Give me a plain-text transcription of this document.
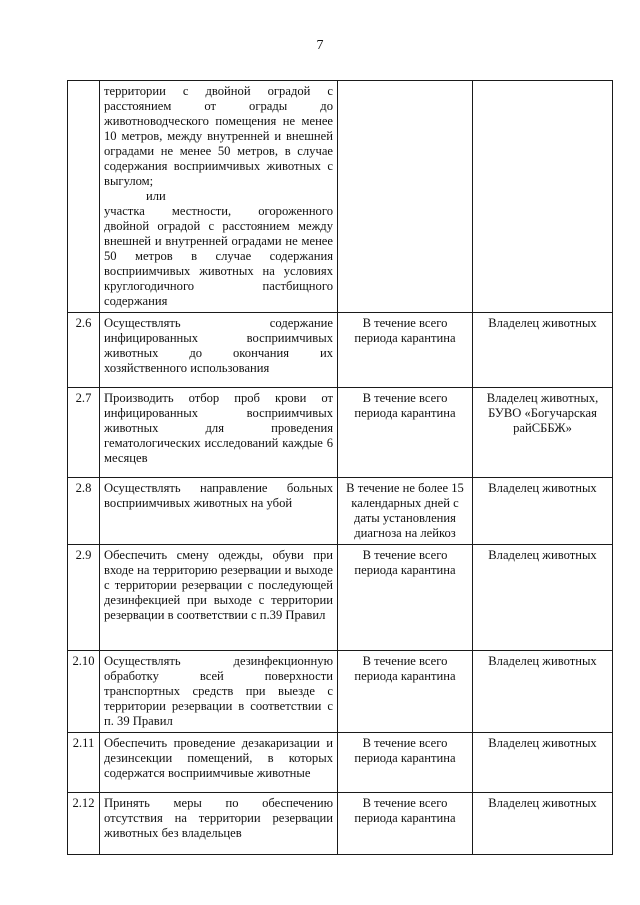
7

	территории с двойной оградой с расстоянием от ограды до животноводческого помещения не менее 10 метров, между внутренней и внешней оградами не менее 50 метров, в случае содержания восприимчивых животных с выгулом;
или
участка местности, огороженного двойной оградой с расстоянием между внешней и внутренней оградами не менее 50 метров в случае содержания восприимчивых животных на условиях круглогодичного пастбищного содержания		

2.6	Осуществлять содержание инфицированных восприимчивых животных до окончания их хозяйственного использования	В течение всего периода карантина	Владелец животных
2.7	Производить отбор проб крови от инфицированных восприимчивых животных для проведения гематологических исследований каждые 6 месяцев	В течение всего периода карантина	Владелец животных, БУВО «Богучарская райСББЖ»
2.8	Осуществлять направление больных восприимчивых животных на убой	В течение не более 15 календарных дней с даты установления диагноза на лейкоз	Владелец животных
2.9	Обеспечить смену одежды, обуви при входе на территорию резервации и выходе с территории резервации с последующей дезинфекцией при выходе с территории резервации в соответствии с п.39 Правил	В течение всего периода карантина	Владелец животных
2.10	Осуществлять дезинфекционную обработку всей поверхности транспортных средств при выезде с территории резервации в соответствии с п. 39 Правил	В течение всего периода карантина	Владелец животных
2.11	Обеспечить проведение дезакаризации и дезинсекции помещений, в которых содержатся восприимчивые животные	В течение всего периода карантина	Владелец животных
2.12	Принять меры по обеспечению отсутствия на территории резервации животных без владельцев	В течение всего периода карантина	Владелец животных
